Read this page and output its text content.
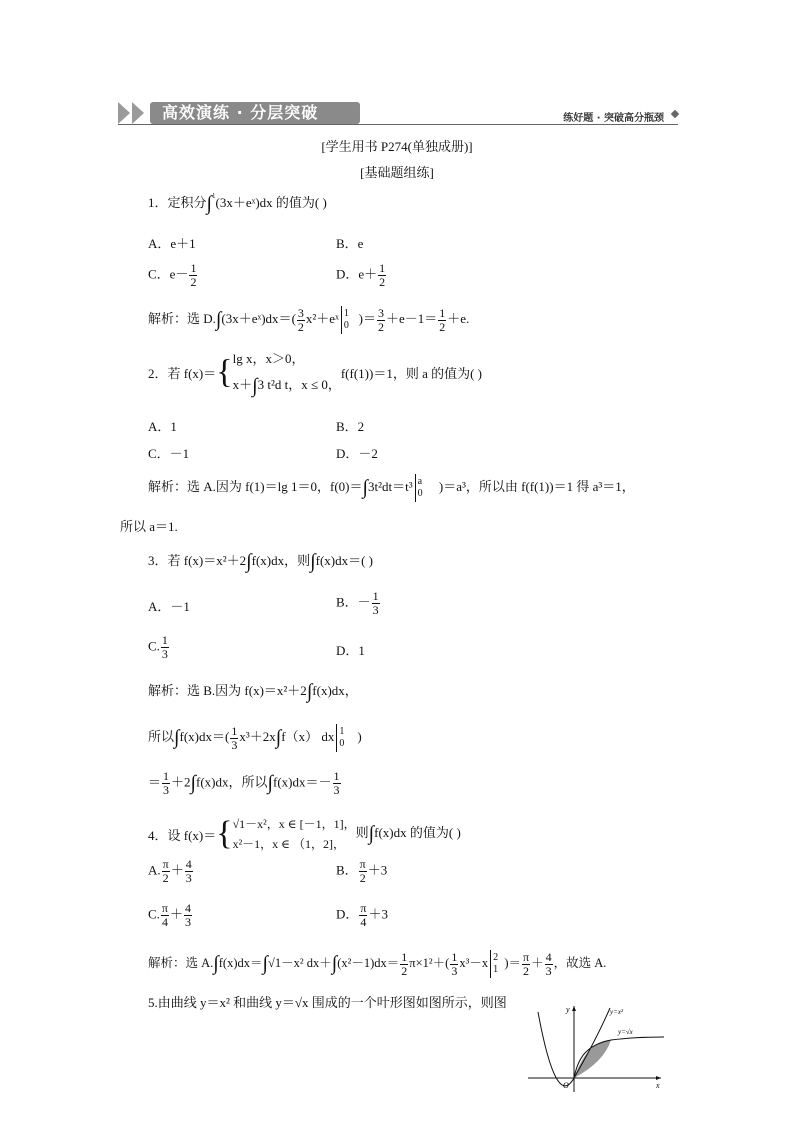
高效演练 · 分层突破	练好题 · 突破高分瓶颈
[学生用书 P274(单独成册)]
[基础题组练]
1．定积分∫$^1$(3x＋eˣ)dx 的值为( )
A．e＋1	B．e
C．$e- \frac{1}{2}$	D．$e+ \frac{1}{2}$
解析：选 D.∫(3x＋eˣ)dx＝( $\frac{3}{2}$ x²＋eˣ 1
0   )＝ $\frac{3}{2} +e-1= \frac{1}{2} +e$.
2．若 f(x)＝{lg x，x＞0，
x＋∫3 t²d t，x ≤ 0，f(f(1))＝1，则 a 的值为( )
A．1	B．2
C．－1	D．－2
解析：选 A.因为 f(1)＝lg 1＝0，f(0)＝∫3t²dt＝t³ a
0     )＝a³，所以由 f(f(1))＝1 得 a³＝1，
所以 a＝1.
3．若 f(x)＝x²＋2∫f(x)dx，则∫f(x)dx＝( )
A．－1	B．－ $\frac{1}{3}$
C. $\frac{1}{3}$	D．1
解析：选 B.因为 f(x)＝x²＋2∫f(x)dx，
所以$\int f(x)dx=( \frac{1}{3} x^3+2x\int f(x)$ dx 1
0    )
＝ $\frac{1}{3} +2\int f(x)dx$，所以$\int f(x)dx=- \frac{1}{3}$
4．设 f(x)＝{√1－x²，x ∈ [－1，1]，
x²－1，x ∈ （1，2]，则∫f(x)dx 的值为( )
A. $\frac{\pi}{2} + \frac{4}{3}$	B． $\frac{\pi}{2} +3$
C. $\frac{\pi}{4} + \frac{4}{3}$	D． $\frac{\pi}{4} +3$
解析：选 A.∫f(x)dx＝∫√1－x² $dx+\int(x^2-1)dx= \frac{1}{2} \pi\times 1^2+( \frac{1}{3} x^3-x$ 2
1  )＝ $\frac{\pi}{2} + \frac{4}{3}$ ，故选 A.
5.由曲线 y＝x² 和曲线 y＝√x 围成的一个叶形图如图所示，则图	y
x
O
y=x²
y=√x
